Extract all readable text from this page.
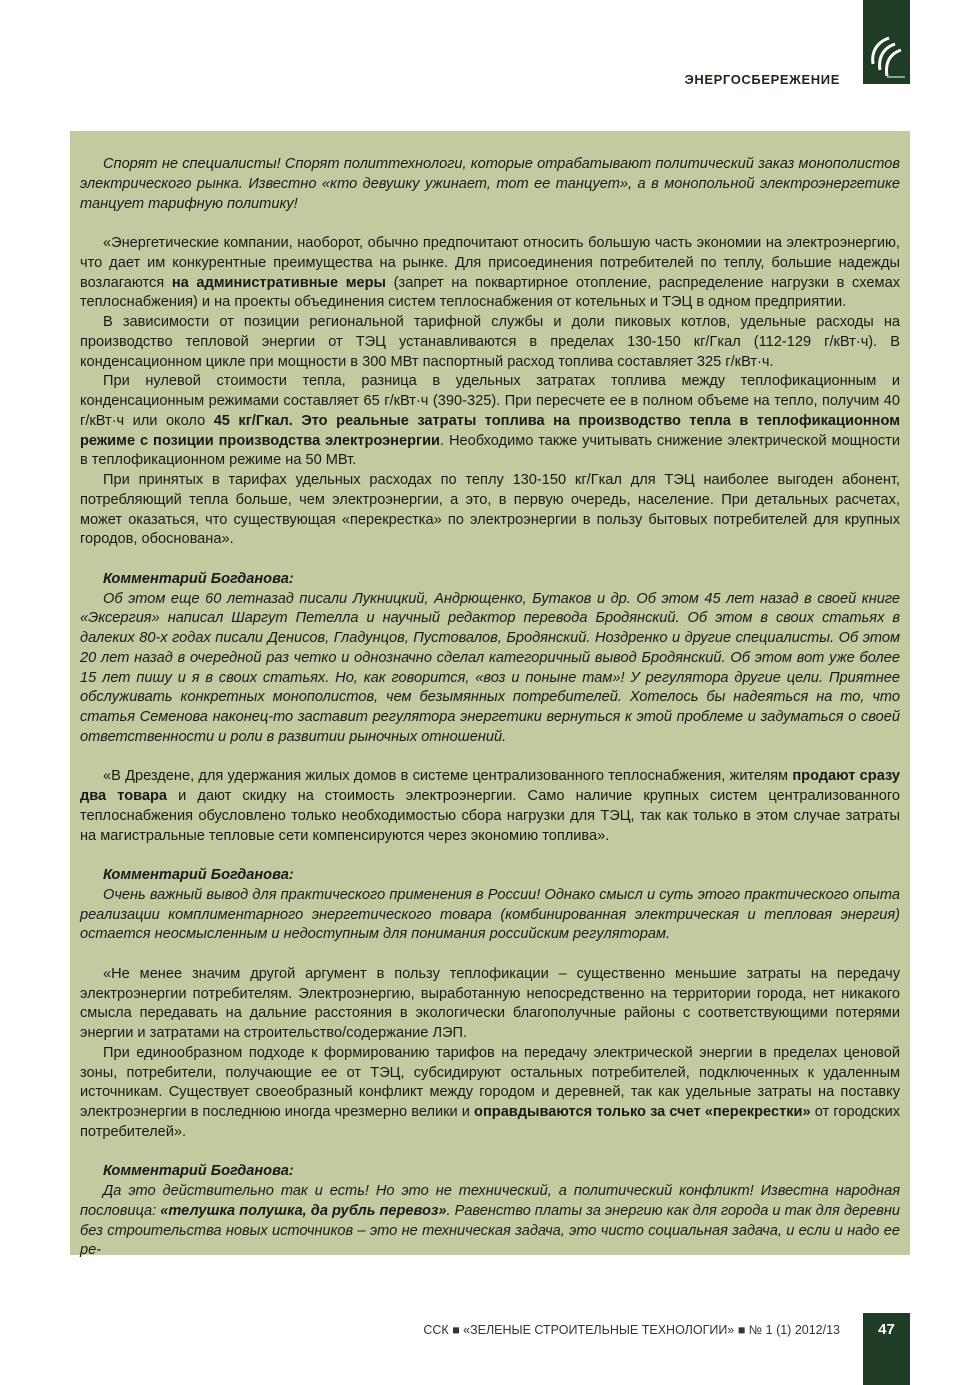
ЭНЕРГОСБЕРЕЖЕНИЕ

Спорят не специалисты! Спорят политтехнологи, которые отрабатывают политический заказ монополистов электрического рынка. Известно «кто девушку ужинает, тот ее танцует», а в монопольной электроэнергетике танцует тарифную политику!

«Энергетические компании, наоборот, обычно предпочитают относить большую часть экономии на электроэнергию, что дает им конкурентные преимущества на рынке. Для присоединения потребителей по теплу, большие надежды возлагаются на административные меры (запрет на поквартирное отопление, распределение нагрузки в схемах теплоснабжения) и на проекты объединения систем теплоснабжения от котельных и ТЭЦ в одном предприятии.

В зависимости от позиции региональной тарифной службы и доли пиковых котлов, удельные расходы на производство тепловой энергии от ТЭЦ устанавливаются в пределах 130-150 кг/Гкал (112-129 г/кВт·ч). В конденсационном цикле при мощности в 300 МВт паспортный расход топлива составляет 325 г/кВт·ч.

При нулевой стоимости тепла, разница в удельных затратах топлива между теплофикационным и конденсационным режимами составляет 65 г/кВт·ч (390-325). При пересчете ее в полном объеме на тепло, получим 40 г/кВт·ч или около 45 кг/Гкал. Это реальные затраты топлива на производство тепла в теплофикационном режиме с позиции производства электроэнергии. Необходимо также учитывать снижение электрической мощности в теплофикационном режиме на 50 МВт.

При принятых в тарифах удельных расходах по теплу 130-150 кг/Гкал для ТЭЦ наиболее выгоден абонент, потребляющий тепла больше, чем электроэнергии, а это, в первую очередь, население. При детальных расчетах, может оказаться, что существующая «перекрестка» по электроэнергии в пользу бытовых потребителей для крупных городов, обоснована».

Комментарий Богданова:

Об этом еще 60 летназад писали Лукницкий, Андрющенко, Бутаков и др. Об этом 45 лет назад в своей книге «Эксергия» написал Шаргут Петелла и научный редактор перевода Бродянский. Об этом в своих статьях в далеких 80-х годах писали Денисов, Гладунцов, Пустовалов, Бродянский. Ноздренко и другие специалисты. Об этом 20 лет назад в очередной раз четко и однозначно сделал категоричный вывод Бродянский. Об этом вот уже более 15 лет пишу и я в своих статьях. Но, как говорится, «воз и поныне там»! У регулятора другие цели. Приятнее обслуживать конкретных монополистов, чем безымянных потребителей. Хотелось бы надеяться на то, что статья Семенова наконец-то заставит регулятора энергетики вернуться к этой проблеме и задуматься о своей ответственности и роли в развитии рыночных отношений.

«В Дрездене, для удержания жилых домов в системе централизованного теплоснабжения, жителям продают сразу два товара и дают скидку на стоимость электроэнергии. Само наличие крупных систем централизованного теплоснабжения обусловлено только необходимостью сбора нагрузки для ТЭЦ, так как только в этом случае затраты на магистральные тепловые сети компенсируются через экономию топлива».

Комментарий Богданова:

Очень важный вывод для практического применения в России! Однако смысл и суть этого практического опыта реализации комплиментарного энергетического товара (комбинированная электрическая и тепловая энергия) остается неосмысленным и недоступным для понимания российским регуляторам.

«Не менее значим другой аргумент в пользу теплофикации – существенно меньшие затраты на передачу электроэнергии потребителям. Электроэнергию, выработанную непосредственно на территории города, нет никакого смысла передавать на дальние расстояния в экологически благополучные районы с соответствующими потерями энергии и затратами на строительство/содержание ЛЭП.

При единообразном подходе к формированию тарифов на передачу электрической энергии в пределах ценовой зоны, потребители, получающие ее от ТЭЦ, субсидируют остальных потребителей, подключенных к удаленным источникам. Существует своеобразный конфликт между городом и деревней, так как удельные затраты на поставку электроэнергии в последнюю иногда чрезмерно велики и оправдываются только за счет «перекрестки» от городских потребителей».

Комментарий Богданова:

Да это действительно так и есть! Но это не технический, а политический конфликт! Известна народная пословица: «телушка полушка, да рубль перевоз». Равенство платы за энергию как для города и так для деревни без строительства новых источников – это не техническая задача, это чисто социальная задача, и если и надо ее ре-

ССК ■ «ЗЕЛЕНЫЕ СТРОИТЕЛЬНЫЕ ТЕХНОЛОГИИ» ■ № 1 (1) 2012/13	47
